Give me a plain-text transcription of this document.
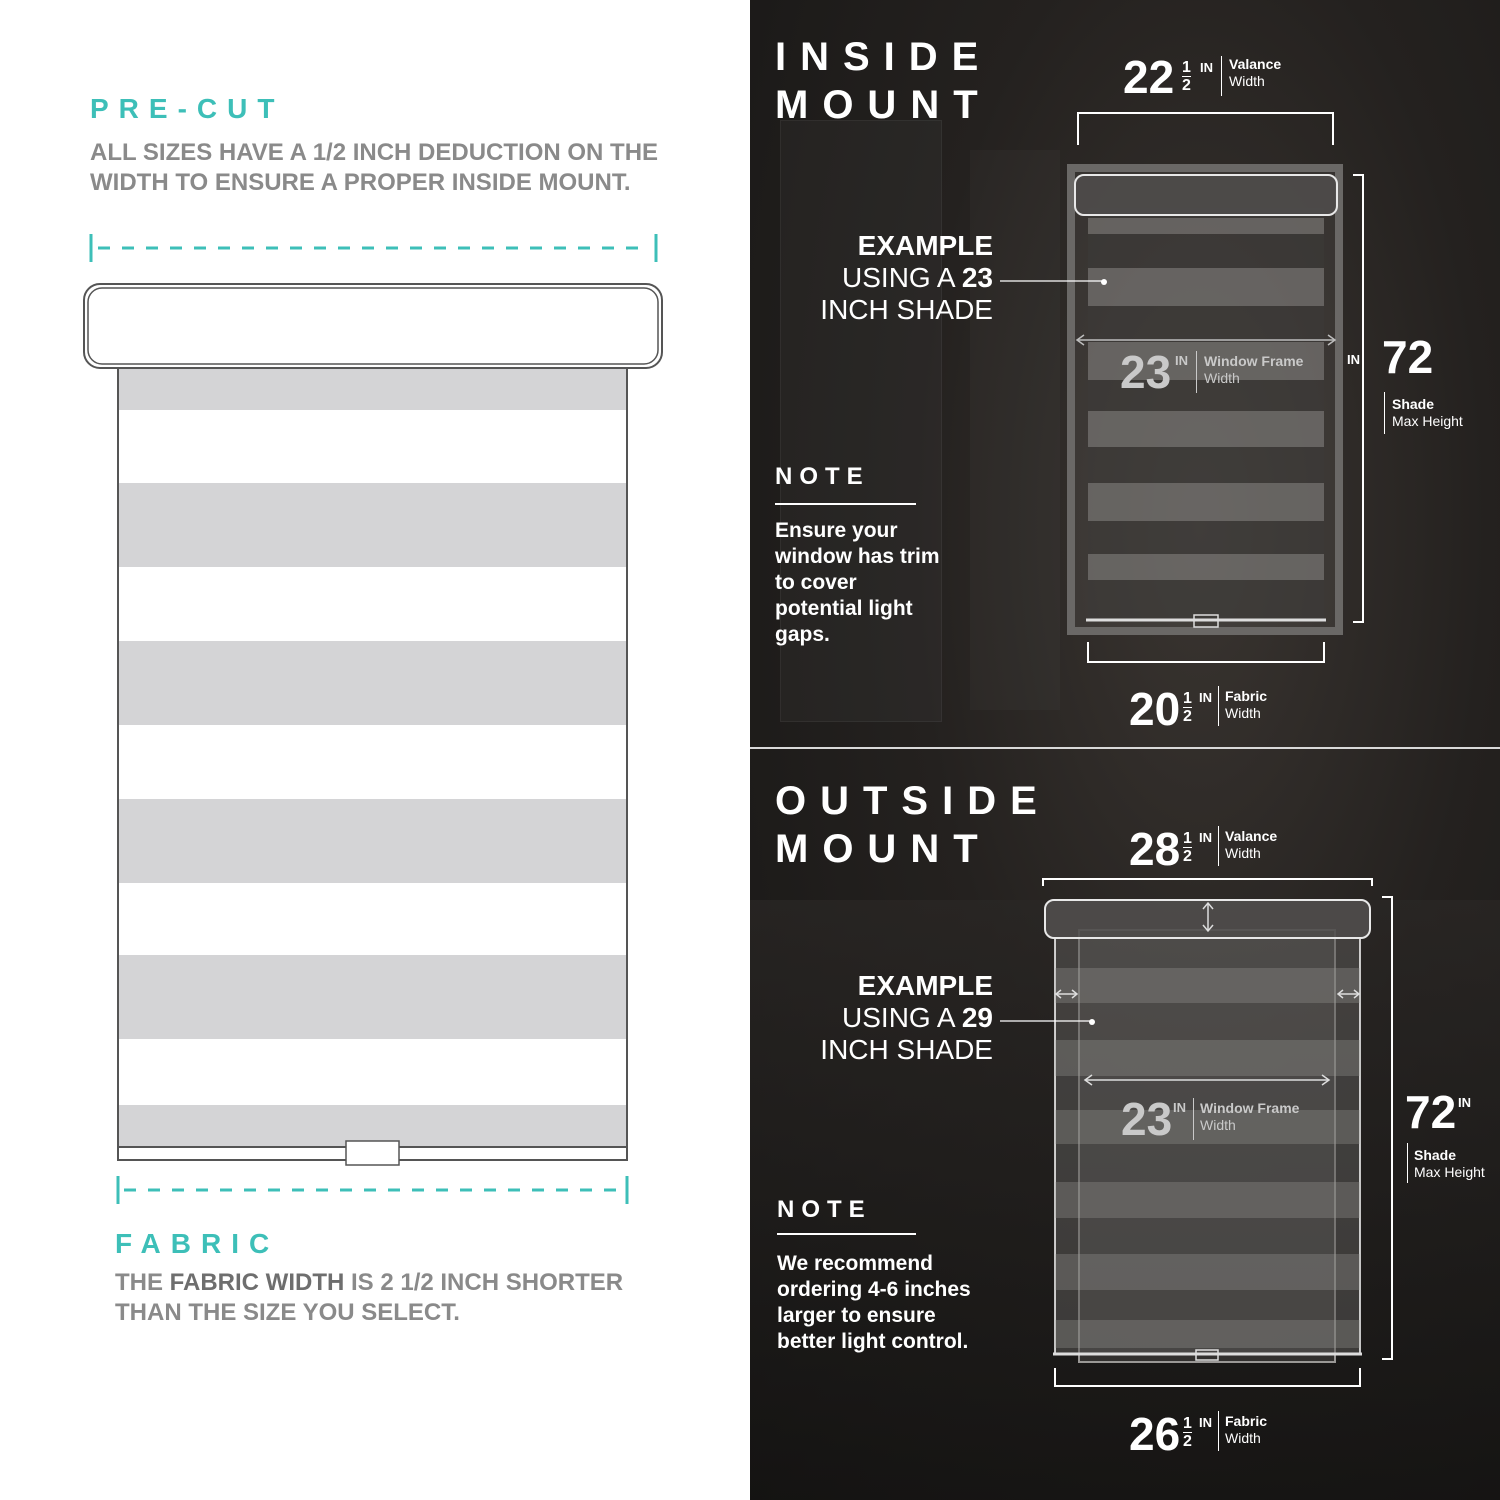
PRE-CUT
ALL SIZES HAVE A 1/2 INCH DEDUCTION ON THE WIDTH TO ENSURE A PROPER INSIDE MOUNT.
FABRIC
THE FABRIC WIDTH IS 2 1/2 INCH SHORTER THAN THE SIZE YOU SELECT.
INSIDE
MOUNT
$22 \frac{1}{2}$ IN Valance
Width
EXAMPLE
USING A 23
INCH SHADE
23 IN Window Frame
Width
IN 72
Shade
Max Height
NOTE
Ensure your window has trim to cover potential light gaps.
$20 \frac{1}{2}$ IN Fabric
Width
OUTSIDE
MOUNT	$28 \frac{1}{2}$ IN Valance
Width
EXAMPLE
USING A 29
INCH SHADE
23 IN Window Frame
Width	72 IN
Shade
Max Height
NOTE
We recommend ordering 4-6 inches larger to ensure better light control.
$26 \frac{1}{2}$ IN Fabric
Width
